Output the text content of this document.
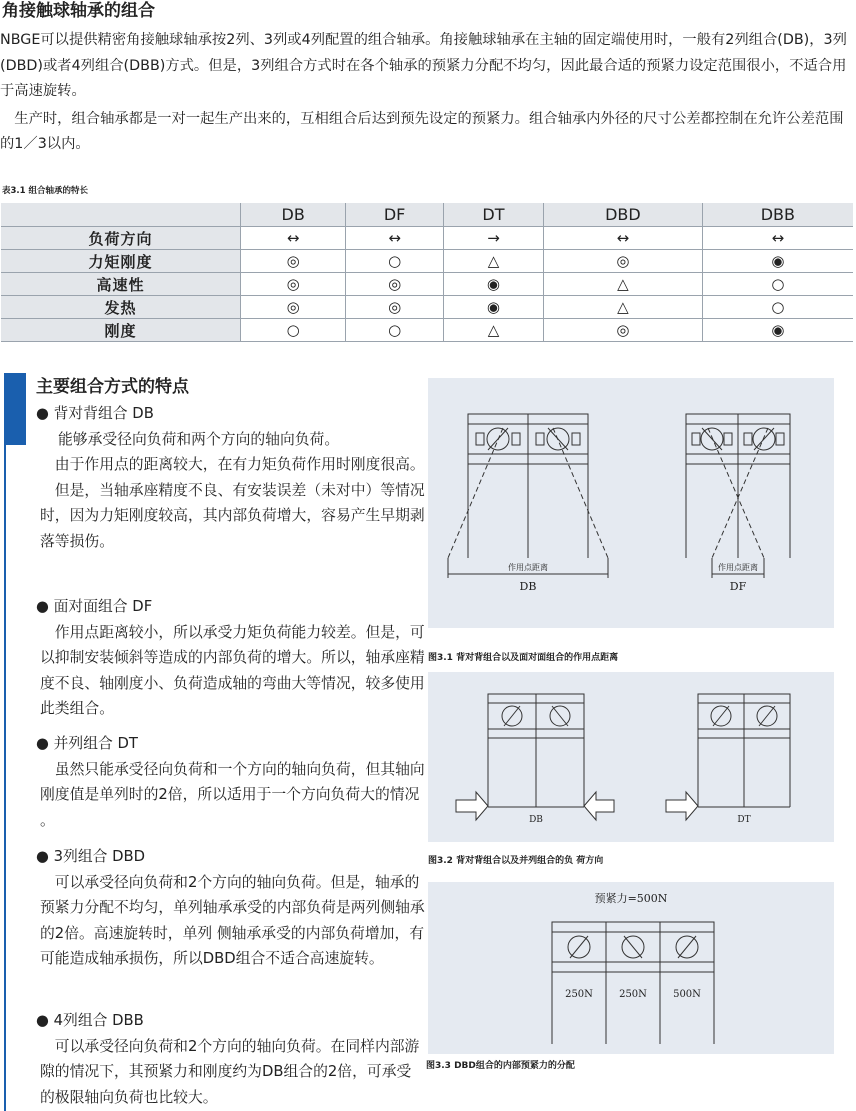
角接触球轴承的组合

NBGE可以提供精密角接触球轴承按2列、3列或4列配置的组合轴承。角接触球轴承在主轴的固定端使用时，一般有2列组合(DB)，3列(DBD)或者4列组合(DBB)方式。但是，3列组合方式时在各个轴承的预紧力分配不均匀，因此最合适的预紧力设定范围很小，不适合用于高速旋转。

　生产时，组合轴承都是一对一起生产出来的，互相组合后达到预先设定的预紧力。组合轴承内外径的尺寸公差都控制在允许公差范围的1／3以内。

表3.1 组合轴承的特长
	DB	DF	DT	DBD	DBB
负荷方向	↔	↔	→	↔	↔
力矩刚度	◎	○	△	◎	◉
高速性	◎	◎	◉	△	○
发热	◎	◎	◉	△	○
刚度	○	○	△	◎	◉
主要组合方式的特点
● 背对背组合 DB
能够承受径向负荷和两个方向的轴向负荷。
　由于作用点的距离较大，在有力矩负荷作用时刚度很高。
　但是，当轴承座精度不良、有安装误差（未对中）等情况时，因为力矩刚度较高，其内部负荷增大，容易产生早期剥落等损伤。
● 面对面组合 DF
　作用点距离较小，所以承受力矩负荷能力较差。但是，可以抑制安装倾斜等造成的内部负荷的增大。所以，轴承座精度不良、轴刚度小、负荷造成轴的弯曲大等情况，较多使用此类组合。
● 并列组合 DT
　虽然只能承受径向负荷和一个方向的轴向负荷，但其轴向刚度值是单列时的2倍，所以适用于一个方向负荷大的情况 。
● 3列组合 DBD
　可以承受径向负荷和2个方向的轴向负荷。但是，轴承的预紧力分配不均匀，单列轴承承受的内部负荷是两列侧轴承的2倍。高速旋转时，单列 侧轴承承受的内部负荷增加，有可能造成轴承损伤，所以DBD组合不适合高速旋转。
● 4列组合 DBB
　可以承受径向负荷和2个方向的轴向负荷。在同样内部游隙的情况下，其预紧力和刚度约为DB组合的2倍，可承受的极限轴向负荷也比较大。
作用点距离
DB
作用点距离
DF
图3.1 背对背组合以及面对面组合的作用点距离
DB	DT
图3.2 背对背组合以及并列组合的负 荷方向
预紧力=500N
250N	250N	500N
图3.3 DBD组合的内部预紧力的分配
